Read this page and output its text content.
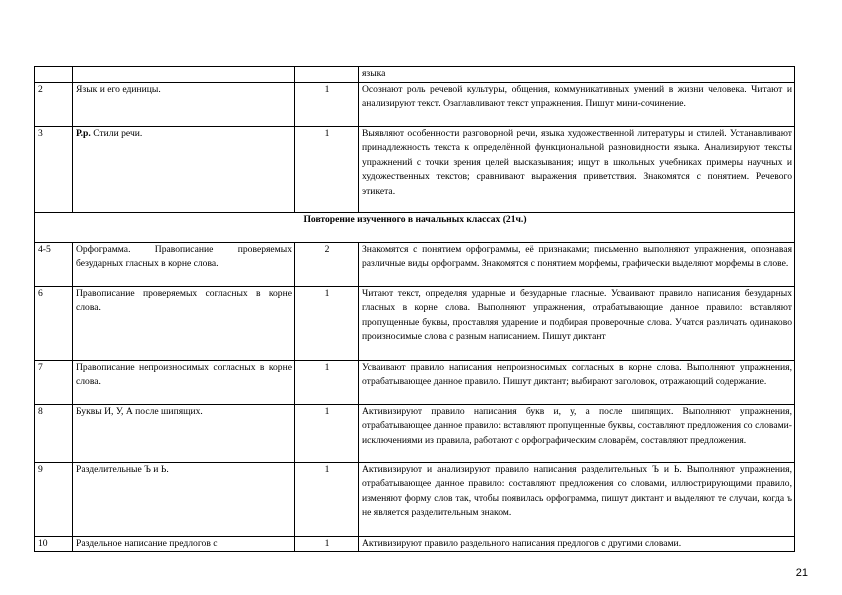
			языка
2	Язык и его единицы.	1	Осознают роль речевой культуры, общения, коммуникативных умений в жизни человека. Читают и анализируют текст. Озаглавливают текст упражнения. Пишут мини-сочинение.
3	Р.р. Стили речи.	1	Выявляют особенности разговорной речи, языка художественной литературы и стилей. Устанавливают принадлежность текста к определённой функциональной разновидности языка. Анализируют тексты упражнений с точки зрения целей высказывания; ищут в школьных учебниках примеры научных и художественных текстов; сравнивают выражения приветствия. Знакомятся с понятием. Речевого этикета.
Повторение изученного в начальных классах (21ч.)			
4-5	Орфограмма. Правописание проверяемых безударных гласных в корне слова.	2	Знакомятся с понятием орфограммы, её признаками; письменно выполняют упражнения, опознавая различные виды орфограмм. Знакомятся с понятием морфемы, графически выделяют морфемы в слове.
6	Правописание проверяемых согласных в корне слова.	1	Читают текст, определяя ударные и безударные гласные. Усваивают правило написания безударных гласных в корне слова. Выполняют упражнения, отрабатывающие данное правило: вставляют пропущенные буквы, проставляя ударение и подбирая проверочные слова. Учатся различать одинаково произносимые слова с разным написанием. Пишут диктант
7	Правописание непроизносимых согласных в корне слова.	1	Усваивают правило написания непроизносимых согласных в корне слова. Выполняют упражнения, отрабатывающее данное правило. Пишут диктант; выбирают заголовок, отражающий содержание.
8	Буквы И, У, А после шипящих.	1	Активизируют правило написания букв и, у, а после шипящих. Выполняют упражнения, отрабатывающее данное правило: вставляют пропущенные буквы, составляют предложения со словами-исключениями из правила, работают с орфографическим словарём, составляют предложения.
9	Разделительные Ъ и Ь.	1	Активизируют и анализируют правило написания разделительных Ъ и Ь. Выполняют упражнения, отрабатывающее данное правило: составляют предложения со словами, иллюстрирующими правило, изменяют форму слов так, чтобы появилась орфограмма, пишут диктант и выделяют те случаи, когда ъ не является разделительным знаком.
10	Раздельное написание предлогов с	1	Активизируют правило раздельного написания предлогов с другими словами.
21
